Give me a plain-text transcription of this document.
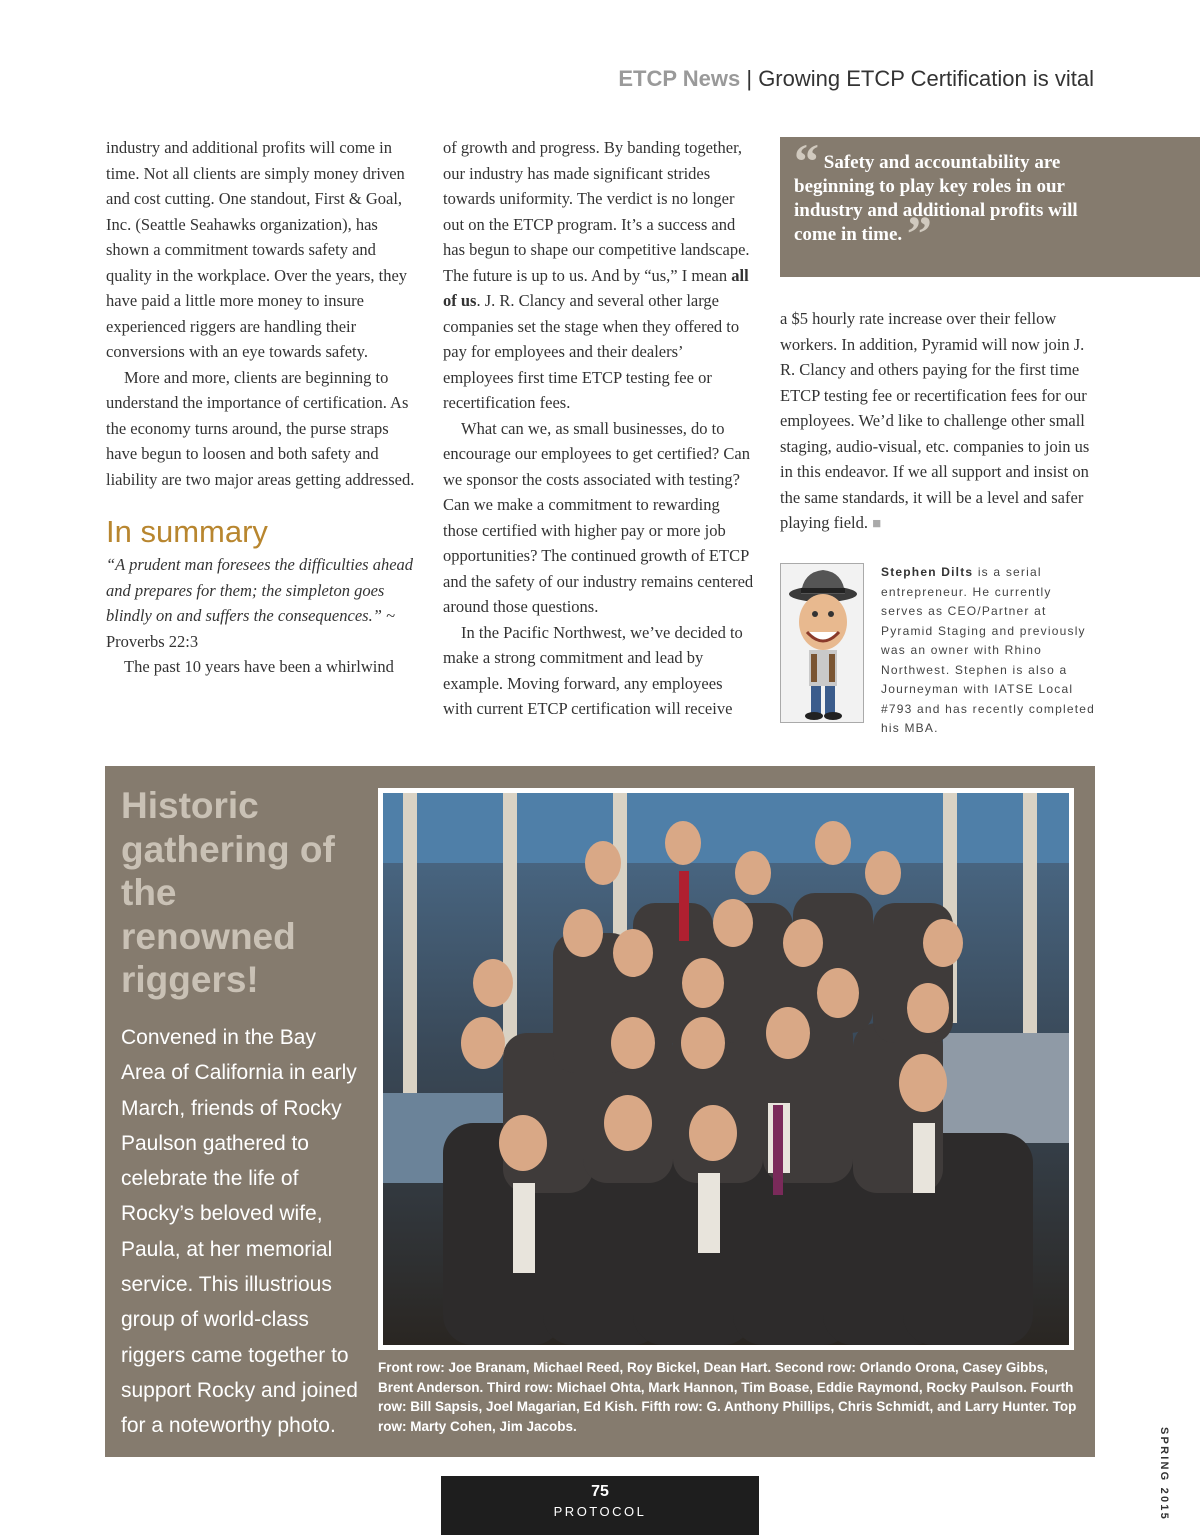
ETCP News | Growing ETCP Certification is vital

industry and additional profits will come in time. Not all clients are simply money driven and cost cutting. One standout, First & Goal, Inc. (Seattle Seahawks organization), has shown a commitment towards safety and quality in the workplace. Over the years, they have paid a little more money to insure experienced riggers are handling their conversions with an eye towards safety.

More and more, clients are beginning to understand the importance of certification. As the economy turns around, the purse straps have begun to loosen and both safety and liability are two major areas getting addressed.

In summary

“A prudent man foresees the difficulties ahead and prepares for them; the simpleton goes blindly on and suffers the consequences.” ~

Proverbs 22:3

The past 10 years have been a whirlwind

of growth and progress. By banding together, our industry has made significant strides towards uniformity. The verdict is no longer out on the ETCP program. It’s a success and has begun to shape our competitive landscape. The future is up to us. And by “us,” I mean all of us. J. R. Clancy and several other large companies set the stage when they offered to pay for employees and their dealers’ employees first time ETCP testing fee or recertification fees.

What can we, as small businesses, do to encourage our employees to get certified? Can we sponsor the costs associated with testing? Can we make a commitment to rewarding those certified with higher pay or more job opportunities? The continued growth of ETCP and the safety of our industry remains centered around those questions.

In the Pacific Northwest, we’ve decided to make a strong commitment and lead by example. Moving forward, any employees with current ETCP certification will receive

“ Safety and accountability are beginning to play key roles in our industry and additional profits will come in time. ”

a $5 hourly rate increase over their fellow workers. In addition, Pyramid will now join J. R. Clancy and others paying for the first time ETCP testing fee or recertification fees for our employees. We’d like to challenge other small staging, audio-visual, etc. companies to join us in this endeavor. If we all support and insist on the same standards, it will be a level and safer playing field. ■

Stephen Dilts is a serial entrepreneur. He currently serves as CEO/Partner at Pyramid Staging and previously was an owner with Rhino Northwest. Stephen is also a Journeyman with IATSE Local #793 and has recently completed his MBA.
Historic gathering of the renowned riggers!
Convened in the Bay Area of California in early March, friends of Rocky Paulson gathered to celebrate the life of Rocky’s beloved wife, Paula, at her memorial service. This illustrious group of world-class riggers came together to support Rocky and joined for a noteworthy photo.
Front row: Joe Branam, Michael Reed, Roy Bickel, Dean Hart. Second row: Orlando Orona, Casey Gibbs, Brent Anderson. Third row: Michael Ohta, Mark Hannon, Tim Boase, Eddie Raymond, Rocky Paulson. Fourth row: Bill Sapsis, Joel Magarian, Ed Kish. Fifth row: G. Anthony Phillips, Chris Schmidt, and Larry Hunter. Top row: Marty Cohen, Jim Jacobs.
75
PROTOCOL	SPRING 2015
